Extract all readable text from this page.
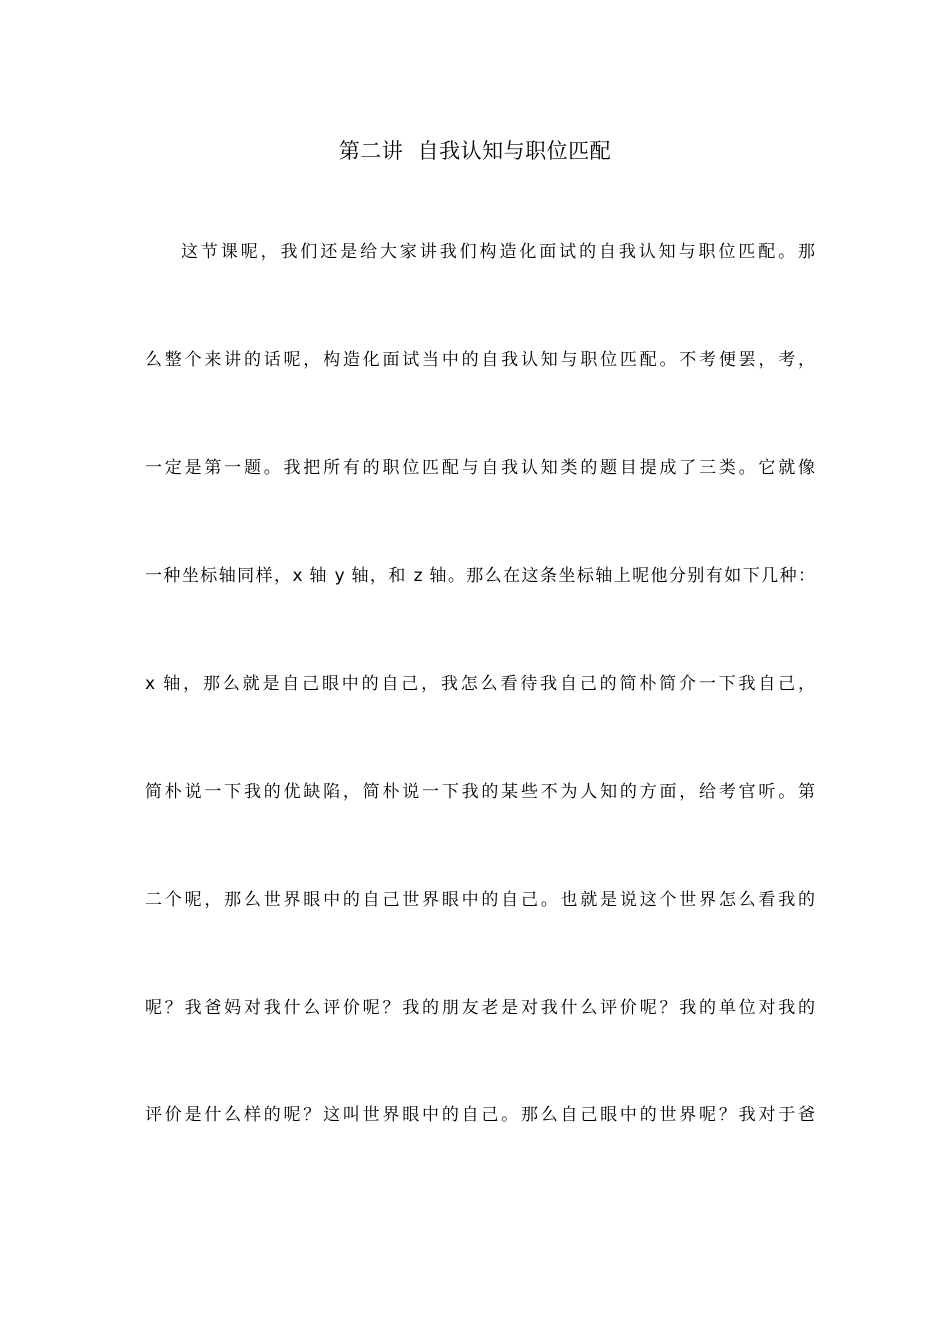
第二讲  自我认知与职位匹配
这节课呢，我们还是给大家讲我们构造化面试的自我认知与职位匹配。那
么整个来讲的话呢，构造化面试当中的自我认知与职位匹配。不考便罢，考，
一定是第一题。我把所有的职位匹配与自我认知类的题目提成了三类。它就像
一种坐标轴同样，x 轴 y 轴，和 z 轴。那么在这条坐标轴上呢他分别有如下几种：
x 轴，那么就是自己眼中的自己，我怎么看待我自己的简朴简介一下我自己，
简朴说一下我的优缺陷，简朴说一下我的某些不为人知的方面，给考官听。第
二个呢，那么世界眼中的自己世界眼中的自己。也就是说这个世界怎么看我的
呢？我爸妈对我什么评价呢？我的朋友老是对我什么评价呢？我的单位对我的
评价是什么样的呢？这叫世界眼中的自己。那么自己眼中的世界呢？我对于爸
